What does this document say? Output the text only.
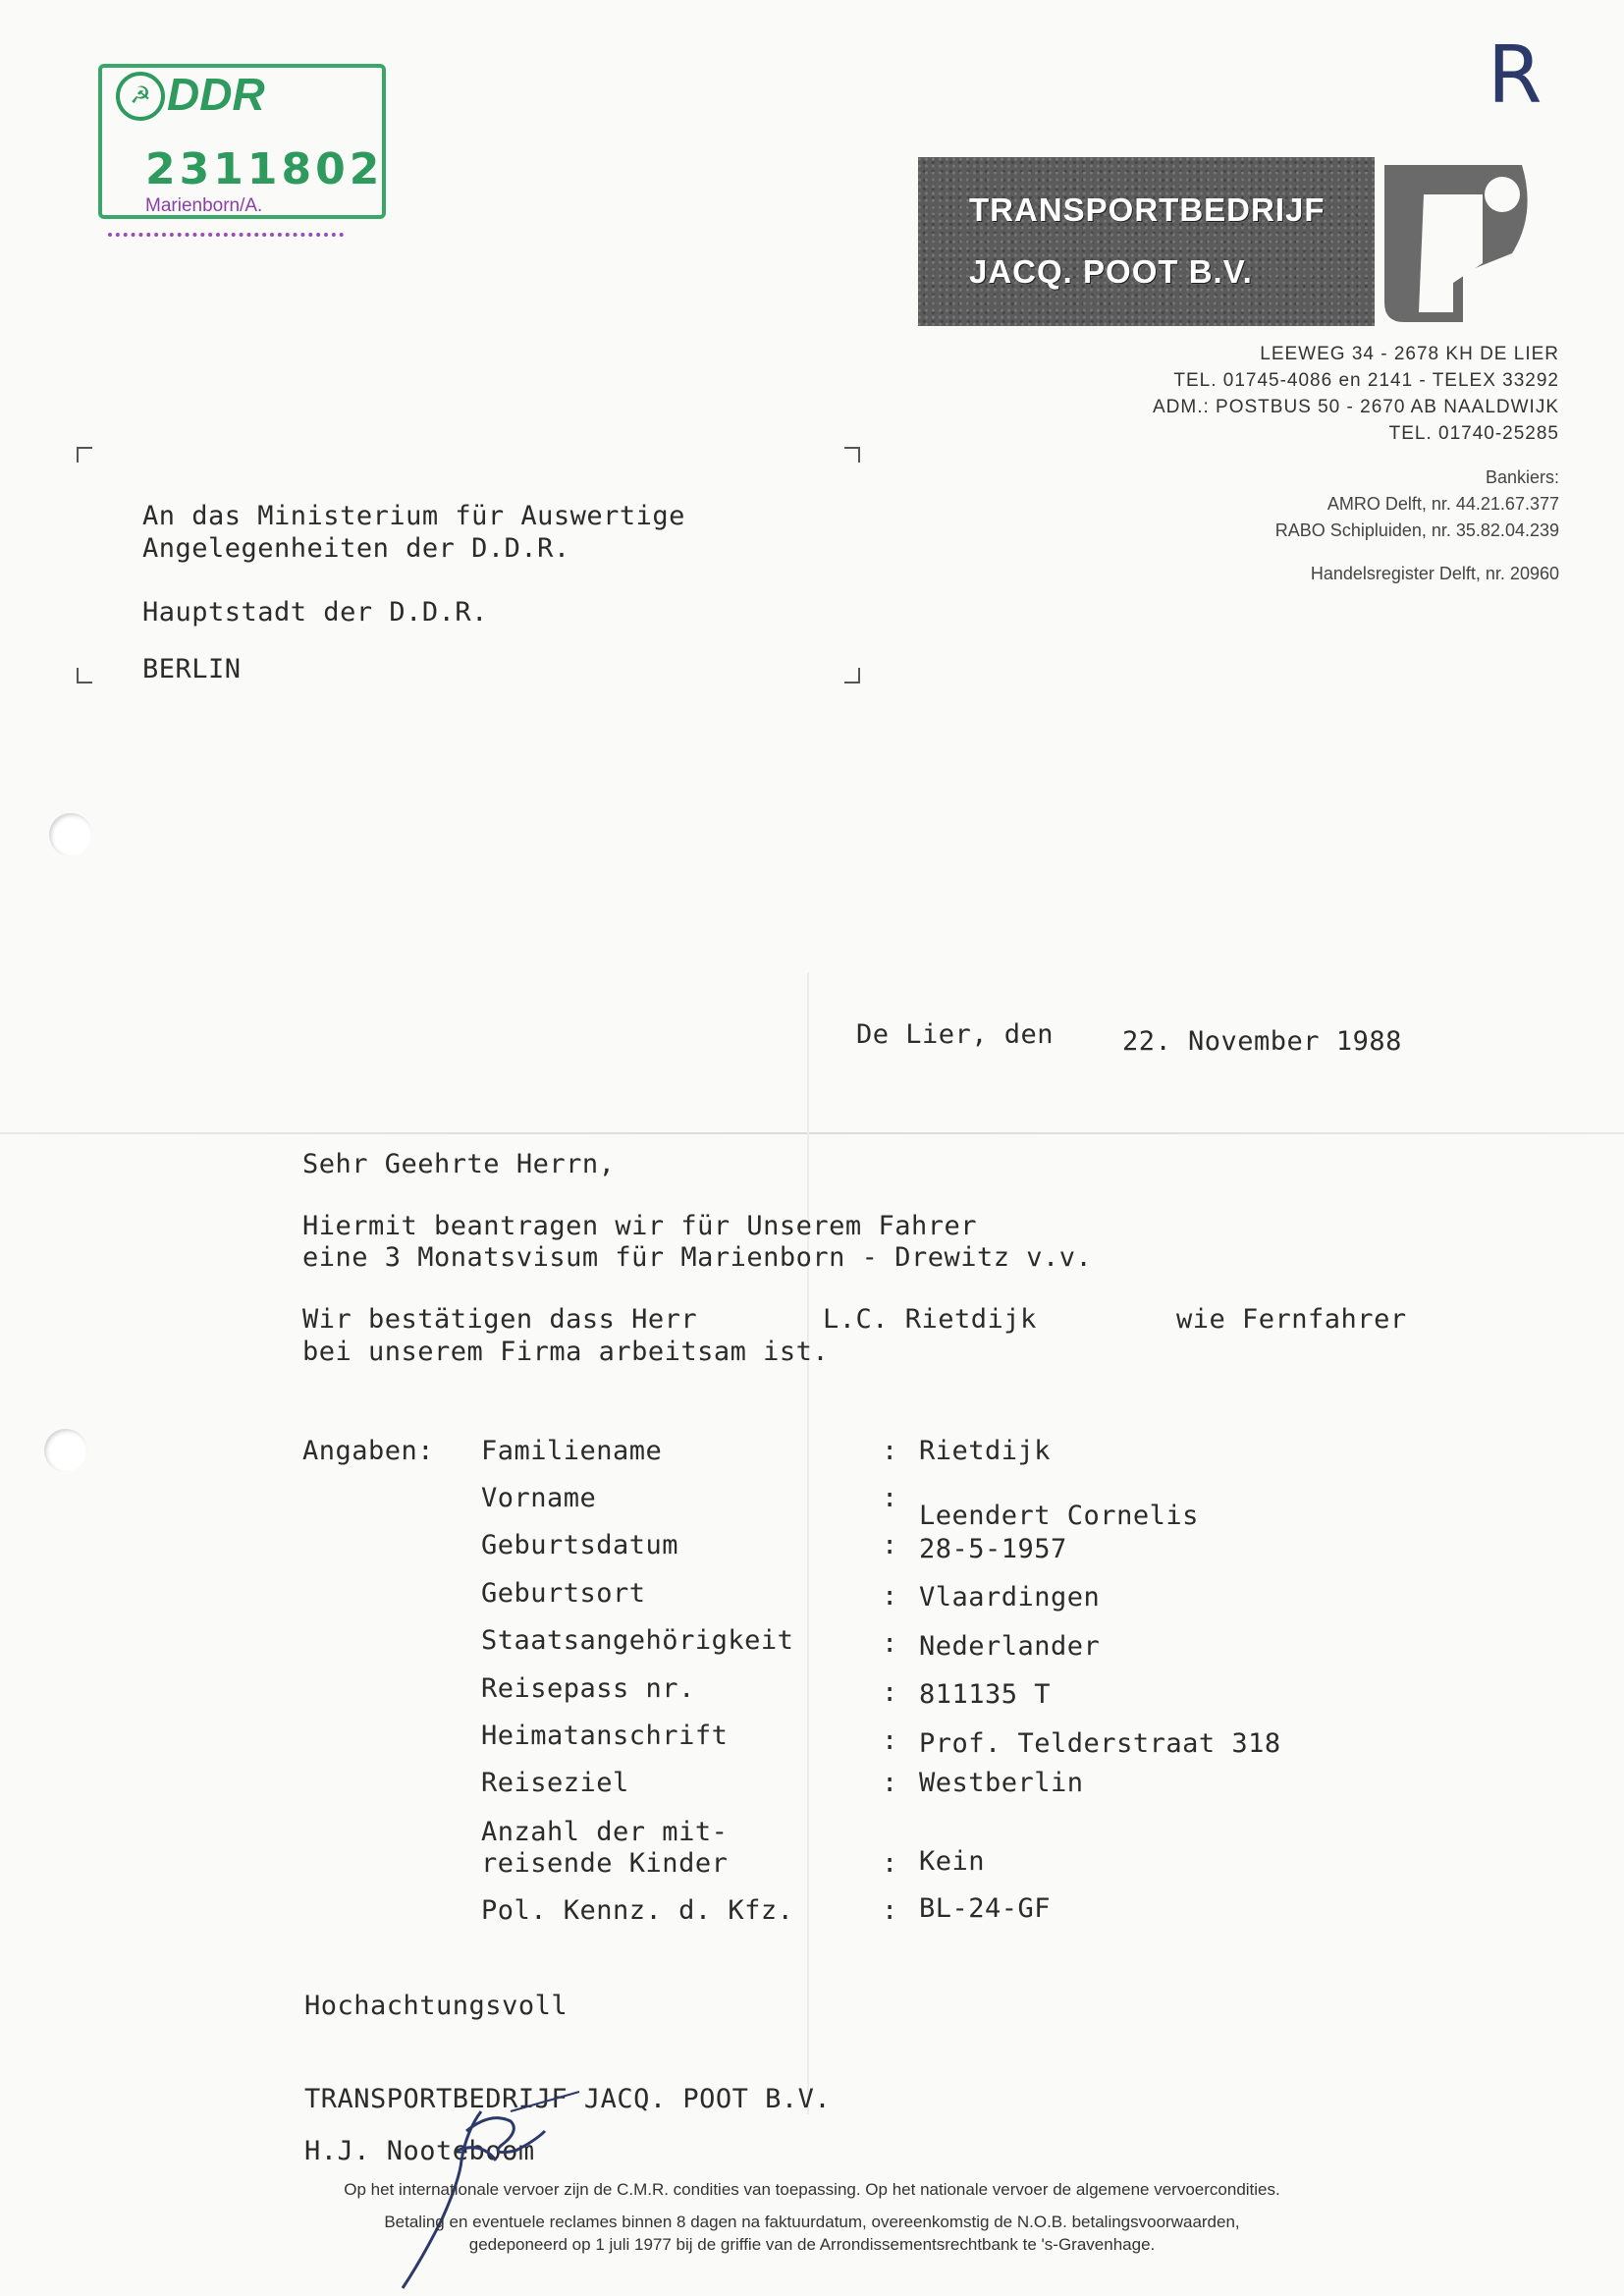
☭ DDR
2311802
Marienborn/A.
R
TRANSPORTBEDRIJF
JACQ. POOT B.V.
LEEWEG 34 - 2678 KH DE LIER
TEL. 01745-4086 en 2141 - TELEX 33292
ADM.: POSTBUS 50 - 2670 AB NAALDWIJK
TEL. 01740-25285
Bankiers:
AMRO Delft, nr. 44.21.67.377
RABO Schipluiden, nr. 35.82.04.239
Handelsregister Delft, nr. 20960
An das Ministerium für Auswertige
Angelegenheiten der D.D.R.
Hauptstadt der D.D.R.
BERLIN
De Lier, den	22. November 1988
Sehr Geehrte Herrn,
Hiermit beantragen wir für Unserem Fahrer
eine 3 Monatsvisum für Marienborn - Drewitz v.v.
Wir bestätigen dass Herr	L.C. Rietdijk	wie Fernfahrer
bei unserem Firma arbeitsam ist.
Angaben: Familiename	: Rietdijk
Vorname	:
Leendert Cornelis
Geburtsdatum	: 28-5-1957
Geburtsort	: Vlaardingen
Staatsangehörigkeit	: Nederlander
Reisepass nr.	: 811135 T
Heimatanschrift	: Prof. Telderstraat 318
Reiseziel	: Westberlin
Anzahl der mit-
reisende Kinder	: Kein
Pol. Kennz. d. Kfz.	: BL-24-GF
Hochachtungsvoll
TRANSPORTBEDRIJF JACQ. POOT B.V.
H.J. Nooteboom
Op het internationale vervoer zijn de C.M.R. condities van toepassing. Op het nationale vervoer de algemene vervoercondities.
Betaling en eventuele reclames binnen 8 dagen na faktuurdatum, overeenkomstig de N.O.B. betalingsvoorwaarden,
gedeponeerd op 1 juli 1977 bij de griffie van de Arrondissementsrechtbank te 's-Gravenhage.
